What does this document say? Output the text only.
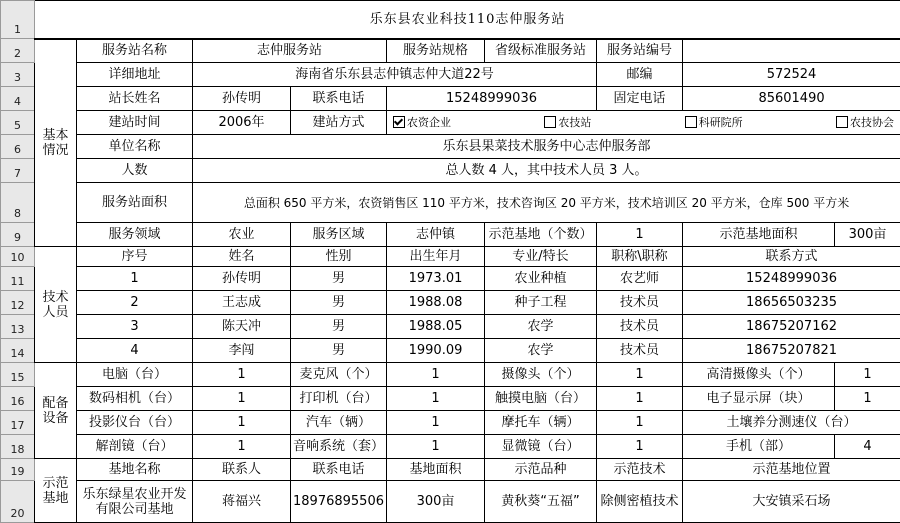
1	乐东县农业科技110志仲服务站								
2	基本情况	服务站名称	志仲服务站		服务站规格	省级标准服务站	服务站编号		
3		详细地址	海南省乐东县志仲镇志仲大道22号				邮编	572524	
4		站长姓名	孙传明	联系电话	15248999036		固定电话	85601490	
5		建站时间	2006年	建站方式	农资企业 农技站 科研院所 农技协会				

6		单位名称	乐东县果菜技术服务中心志仲服务部						
7		人数	总人数 4 人，其中技术人员 3 人。						
8		服务站面积	总面积 650 平方米，农资销售区 110 平方米，技术咨询区 20 平方米，技术培训区 20 平方米，仓库 500 平方米						
9		服务领域	农业	服务区域	志仲镇	示范基地（个数）	1	示范基地面积	300亩
10	技术人员	序号	姓名	性别	出生年月	专业/特长	职称\职称	联系方式	
11		1	孙传明	男	1973.01	农业种植	农艺师	15248999036	
12		2	王志成	男	1988.08	种子工程	技术员	18656503235	
13		3	陈天冲	男	1988.05	农学	技术员	18675207162	
14		4	李闯	男	1990.09	农学	技术员	18675207821	
15	配备设备	电脑（台）	1	麦克风（个）	1	摄像头（个）	1	高清摄像头（个）	1
16		数码相机（台）	1	打印机（台）	1	触摸电脑（台）	1	电子显示屏（块）	1
17		投影仪台（台）	1	汽车（辆）	1	摩托车（辆）	1	土壤养分测速仪（台）	
18		解剖镜（台）	1	音响系统（套）	1	显微镜（台）	1	手机（部）	4
19	示范基地	基地名称	联系人	联系电话	基地面积	示范品种	示范技术	示范基地位置	
20		乐东绿星农业开发有限公司基地	蒋福兴	18976895506	300亩	黄秋葵“五福”	除侧密植技术	大安镇采石场	
